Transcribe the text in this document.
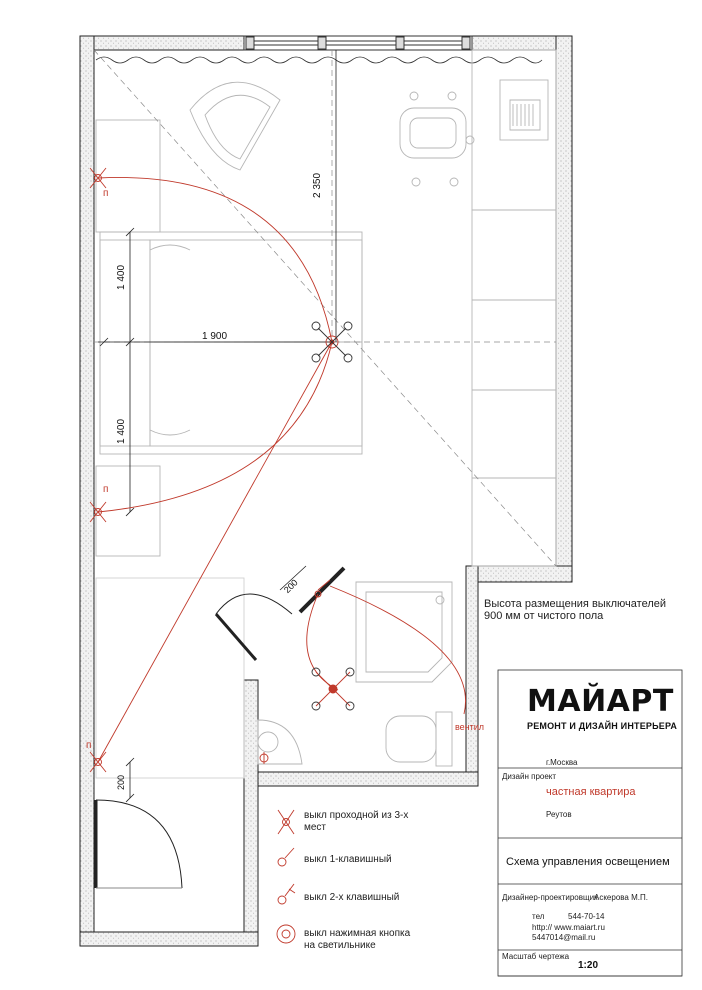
2 350
1 400
1 400
1 900
200
200
п
п
п
вентил
Высота размещения выключателей
900 мм от чистого пола
выкл проходной из 3-х
мест
выкл 1-клавишный
выкл 2-х клавишный
выкл нажимная кнопка
на светильнике
МАЙАРТ
РЕМОНТ И ДИЗАЙН ИНТЕРЬЕРА
г.Москва
Дизайн проект
частная квартира
Реутов
Схема управления освещением
Дизайнер-проектировщик
Аскерова М.П.
тел	544-70-14
http:// www.maiart.ru
5447014@mail.ru
Масштаб чертежа
1:20
